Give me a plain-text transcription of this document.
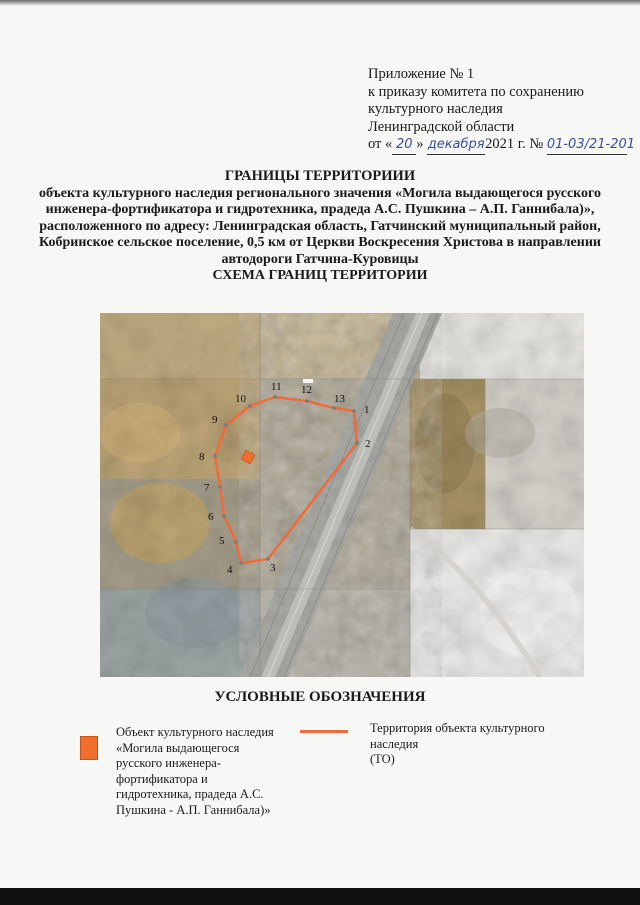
Приложение № 1
к приказу комитета по сохранению
культурного наследия
Ленинградской области
от « 20 » декабря2021 г. № 01-03/21-201
ГРАНИЦЫ ТЕРРИТОРИИИ
объекта культурного наследия регионального значения «Могила выдающегося русского инженера-фортификатора и гидротехника, прадеда А.С. Пушкина – А.П. Ганнибала)», расположенного по адресу: Ленинградская область, Гатчинский муниципальный район, Кобринское сельское поселение, 0,5 км от Церкви Воскресения Христова в направлении автодороги Гатчина-Куровицы
СХЕМА ГРАНИЦ ТЕРРИТОРИИ
1
2
3
4
5
6
7
8
9
10
11 12
13
УСЛОВНЫЕ ОБОЗНАЧЕНИЯ
Объект культурного наследия «Могила выдающегося русского инженера-фортификатора и гидротехника, прадеда А.С. Пушкина - А.П. Ганнибала)»
Территория объекта культурного наследия
(ТО)
